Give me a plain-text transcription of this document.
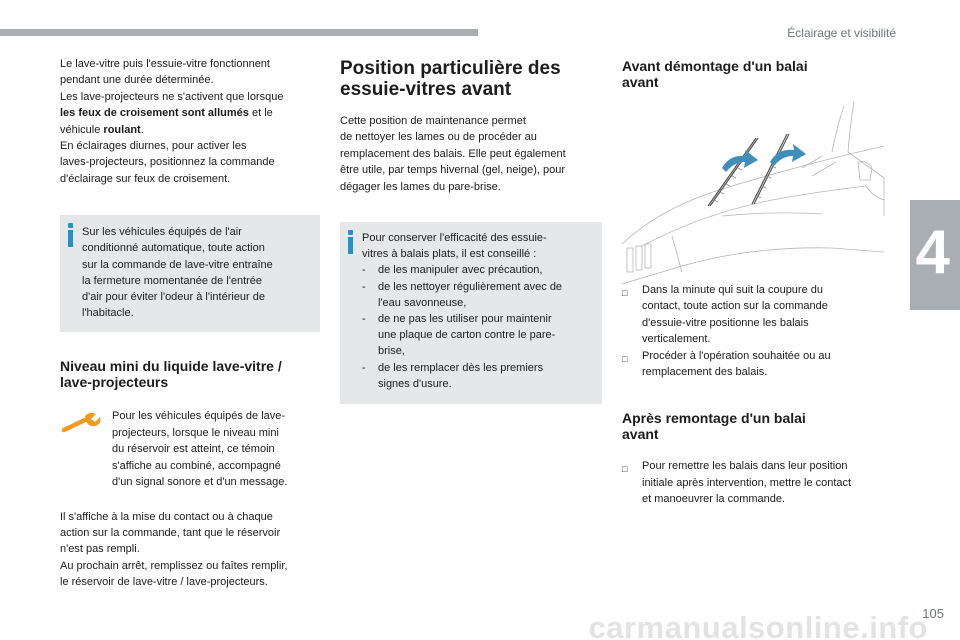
Éclairage et visibilité
4
carmanualsonline.info
105

Le lave-vitre puis l'essuie-vitre fonctionnent

pendant une durée déterminée.

Les lave-projecteurs ne s'activent que lorsque

les feux de croisement sont allumés et le

véhicule roulant.

En éclairages diurnes, pour activer les

laves-projecteurs, positionnez la commande

d'éclairage sur feux de croisement.

Sur les véhicules équipés de l'air
conditionné automatique, toute action
sur la commande de lave-vitre entraîne
la fermeture momentanée de l'entrée
d'air pour éviter l'odeur à l'intérieur de
l'habitacle.
Niveau mini du liquide lave-vitre /
lave-projecteurs

Pour les véhicules équipés de lave-

projecteurs, lorsque le niveau mini

du réservoir est atteint, ce témoin

s'affiche au combiné, accompagné

d'un signal sonore et d'un message.

Il s'affiche à la mise du contact ou à chaque

action sur la commande, tant que le réservoir

n'est pas rempli.

Au prochain arrêt, remplissez ou faîtes remplir,

le réservoir de lave-vitre / lave-projecteurs.

Position particulière des
essuie-vitres avant

Cette position de maintenance permet

de nettoyer les lames ou de procéder au

remplacement des balais. Elle peut également

être utile, par temps hivernal (gel, neige), pour

dégager les lames du pare-brise.

Pour conserver l'efficacité des essuie-
vitres à balais plats, il est conseillé :
- de les manipuler avec précaution,
- de les nettoyer régulièrement avec de
l'eau savonneuse,
- de ne pas les utiliser pour maintenir
une plaque de carton contre le pare-
brise,
- de les remplacer dès les premiers
signes d'usure.
Avant démontage d'un balai
avant
□ Dans la minute qui suit la coupure du
contact, toute action sur la commande
d'essuie-vitre positionne les balais
verticalement.
□ Procéder à l'opération souhaitée ou au
remplacement des balais.
Après remontage d'un balai
avant
□ Pour remettre les balais dans leur position
initiale après intervention, mettre le contact
et manoeuvrer la commande.
